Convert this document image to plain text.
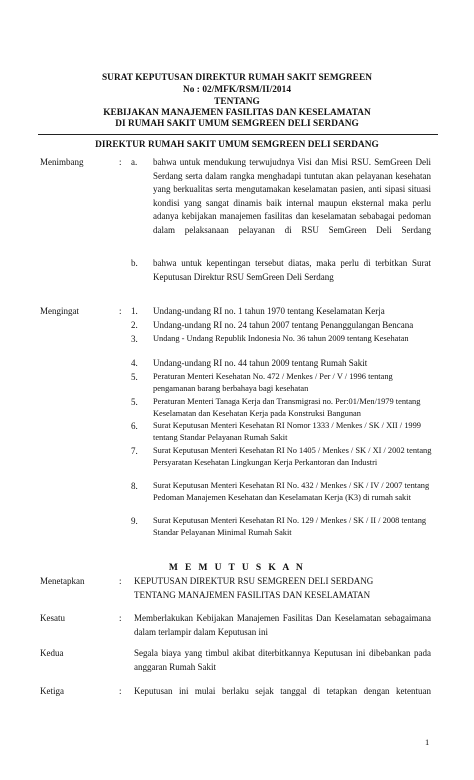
SURAT KEPUTUSAN DIREKTUR RUMAH SAKIT SEMGREEN
No : 02/MFK/RSM/II/2014
TENTANG
KEBIJAKAN MANAJEMEN FASILITAS DAN KESELAMATAN
DI RUMAH SAKIT UMUM SEMGREEN DELI SERDANG
DIREKTUR RUMAH SAKIT UMUM SEMGREEN DELI SERDANG
Menimbang	: a. bahwa untuk mendukung terwujudnya Visi dan Misi RSU. SemGreen Deli Serdang serta dalam rangka menghadapi tuntutan akan pelayanan kesehatan yang berkualitas serta mengutamakan keselamatan pasien, anti sipasi situasi kondisi yang sangat dinamis baik internal maupun eksternal maka perlu adanya kebijakan manajemen fasilitas dan keselamatan sebabagai pedoman dalam pelaksanaan pelayanan di RSU SemGreen Deli Serdang
b. bahwa untuk kepentingan tersebut diatas, maka perlu di terbitkan Surat Keputusan Direktur RSU SemGreen Deli Serdang
Mengingat	: 1. Undang-undang RI no. 1 tahun 1970 tentang Keselamatan Kerja
2. Undang-undang RI no. 24 tahun 2007 tentang Penanggulangan Bencana
3. Undang - Undang Republik Indonesia No. 36 tahun 2009 tentang Kesehatan
4. Undang-undang RI no. 44 tahun 2009 tentang Rumah Sakit
5. Peraturan Menteri Kesehatan No. 472 / Menkes / Per / V / 1996 tentang pengamanan barang berbahaya bagi kesehatan
5. Peraturan Menteri Tanaga Kerja dan Transmigrasi no. Per:01/Men/1979 tentang Keselamatan dan Kesehatan Kerja pada Konstruksi Bangunan
6. Surat Keputusan Menteri Kesehatan RI Nomor 1333 / Menkes / SK / XII / 1999 tentang Standar Pelayanan Rumah Sakit
7. Surat Keputusan Menteri Kesehatan RI No 1405 / Menkes / SK / XI / 2002 tentang Persyaratan Kesehatan Lingkungan Kerja Perkantoran dan Industri
8. Surat Keputusan Menteri Kesehatan RI No. 432 / Menkes / SK / IV / 2007 tentang Pedoman Manajemen Kesehatan dan Keselamatan Kerja (K3) di rumah sakit
9. Surat Keputusan Menteri Kesehatan RI No. 129 / Menkes / SK / II / 2008 tentang Standar Pelayanan Minimal Rumah Sakit
M E M U T U S K A N
Menetapkan	: KEPUTUSAN DIREKTUR RSU SEMGREEN DELI SERDANG
TENTANG MANAJEMEN FASILITAS DAN KESELAMATAN
Kesatu	: Memberlakukan Kebijakan Manajemen Fasilitas Dan Keselamatan sebagaimana dalam terlampir dalam Keputusan ini
Kedua	Segala biaya yang timbul akibat diterbitkannya Keputusan ini dibebankan pada anggaran Rumah Sakit
Ketiga	: Keputusan ini mulai berlaku sejak tanggal di tetapkan dengan ketentuan
1
